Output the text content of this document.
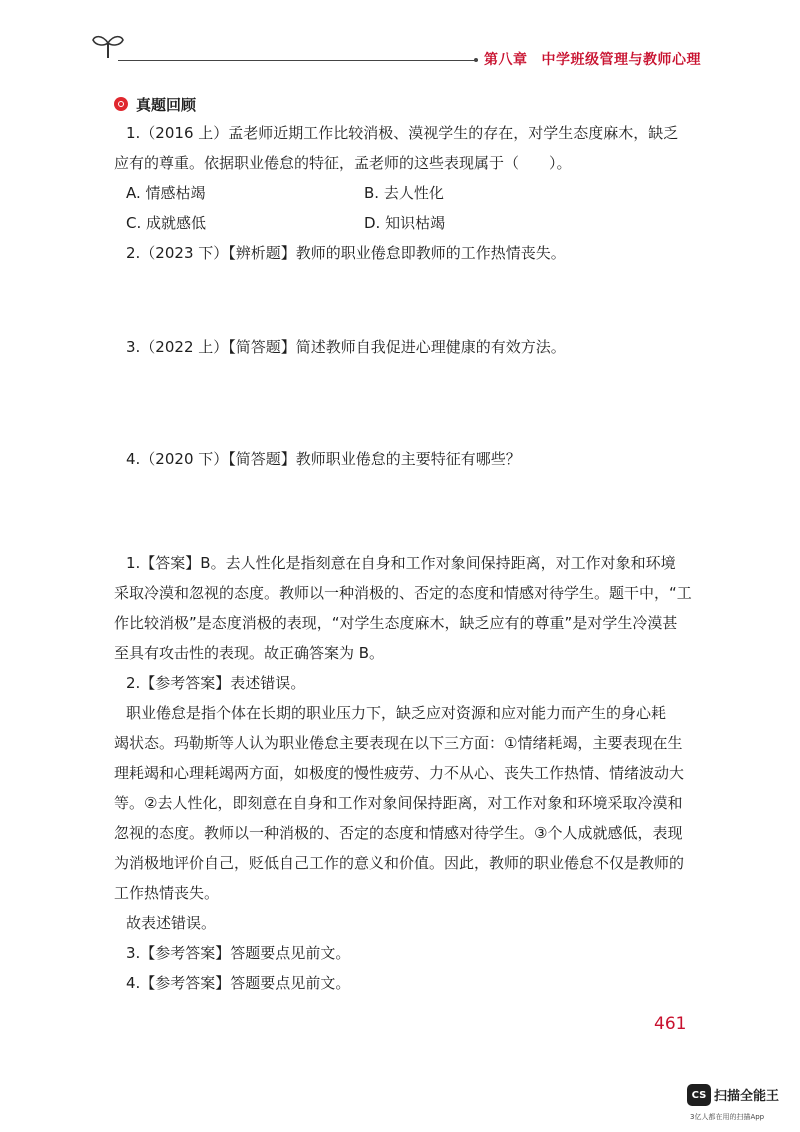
第八章 中学班级管理与教师心理
真题回顾
1.（2016 上）孟老师近期工作比较消极、漠视学生的存在，对学生态度麻木，缺乏
应有的尊重。依据职业倦怠的特征，孟老师的这些表现属于（　　）。
A. 情感枯竭	B. 去人性化
C. 成就感低	D. 知识枯竭
2.（2023 下）【辨析题】教师的职业倦怠即教师的工作热情丧失。
3.（2022 上）【简答题】简述教师自我促进心理健康的有效方法。
4.（2020 下）【简答题】教师职业倦怠的主要特征有哪些？
1.【答案】B。去人性化是指刻意在自身和工作对象间保持距离，对工作对象和环境
采取冷漠和忽视的态度。教师以一种消极的、否定的态度和情感对待学生。题干中，“工
作比较消极”是态度消极的表现，“对学生态度麻木，缺乏应有的尊重”是对学生冷漠甚
至具有攻击性的表现。故正确答案为 B。
2.【参考答案】表述错误。
职业倦怠是指个体在长期的职业压力下，缺乏应对资源和应对能力而产生的身心耗
竭状态。玛勒斯等人认为职业倦怠主要表现在以下三方面：①情绪耗竭，主要表现在生
理耗竭和心理耗竭两方面，如极度的慢性疲劳、力不从心、丧失工作热情、情绪波动大
等。②去人性化，即刻意在自身和工作对象间保持距离，对工作对象和环境采取冷漠和
忽视的态度。教师以一种消极的、否定的态度和情感对待学生。③个人成就感低，表现
为消极地评价自己，贬低自己工作的意义和价值。因此，教师的职业倦怠不仅是教师的
工作热情丧失。
故表述错误。
3.【参考答案】答题要点见前文。
4.【参考答案】答题要点见前文。
461
CS 扫描全能王
3亿人都在用的扫描App
